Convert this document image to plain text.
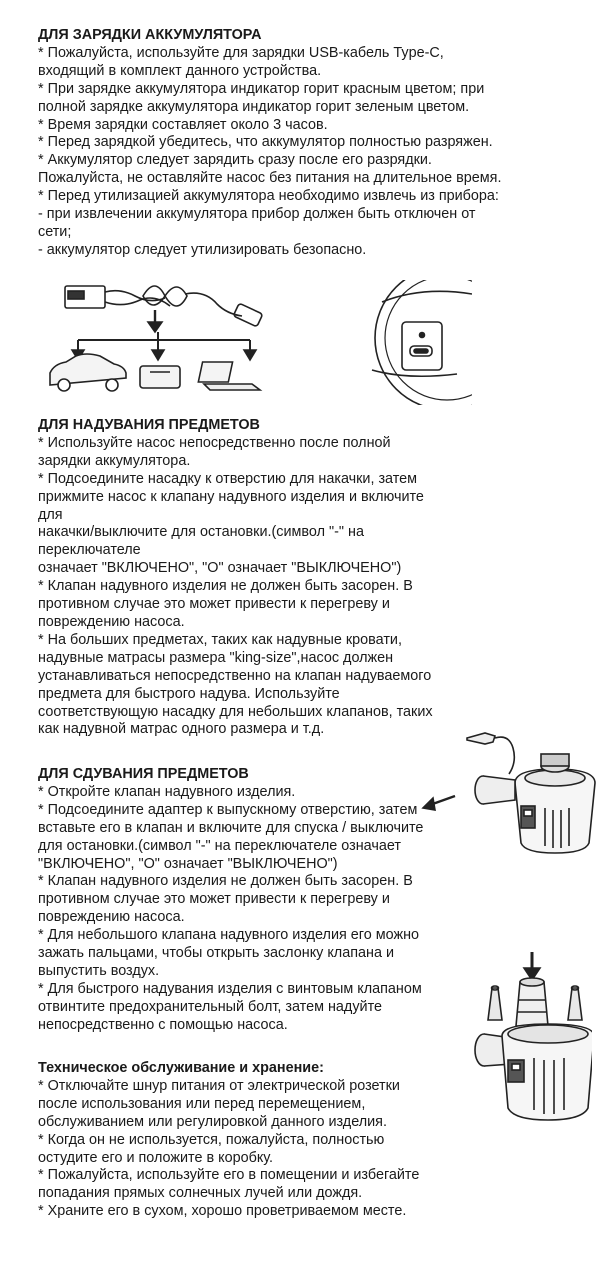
ДЛЯ ЗАРЯДКИ АККУМУЛЯТОРА

* Пожалуйста, используйте для зарядки USB-кабель Type-C,

входящий в комплект данного устройства.

* При зарядке аккумулятора индикатор горит красным цветом; при

полной зарядке аккумулятора индикатор горит зеленым цветом.

* Время зарядки составляет около 3 часов.

* Перед зарядкой убедитесь, что аккумулятор полностью разряжен.

* Аккумулятор следует зарядить сразу после его разрядки.

Пожалуйста, не оставляйте насос без питания на длительное время.

* Перед утилизацией аккумулятора необходимо извлечь из прибора:

- при извлечении аккумулятора прибор должен быть отключен от

сети;

- аккумулятор следует утилизировать безопасно.

ДЛЯ НАДУВАНИЯ ПРЕДМЕТОВ

* Используйте насос непосредственно после полной

зарядки аккумулятора.

* Подсоедините насадку к отверстию для накачки, затем

прижмите насос к клапану надувного изделия и включите

для

накачки/выключите для остановки.(символ "-" на

переключателе

означает "ВКЛЮЧЕНО", "O" означает "ВЫКЛЮЧЕНО")

* Клапан надувного изделия не должен быть засорен. В

противном случае это может привести к перегреву и

повреждению насоса.

* На больших предметах, таких как надувные кровати,

надувные матрасы размера "king-size",насос должен

устанавливаться непосредственно на клапан надуваемого

предмета для быстрого надува. Используйте

соответствующую насадку для небольших клапанов, таких

как надувной матрас одного размера и т.д.

ДЛЯ СДУВАНИЯ ПРЕДМЕТОВ

* Откройте клапан надувного изделия.

* Подсоедините адаптер к выпускному отверстию, затем

вставьте его в клапан и включите для спуска / выключите

для остановки.(символ "-" на переключателе означает

"ВКЛЮЧЕНО", "O" означает "ВЫКЛЮЧЕНО")

* Клапан надувного изделия не должен быть засорен. В

противном случае это может привести к перегреву и

повреждению насоса.

* Для небольшого клапана надувного изделия его можно

зажать пальцами, чтобы открыть заслонку клапана и

выпустить воздух.

* Для быстрого надувания изделия с винтовым клапаном

отвинтите предохранительный болт, затем надуйте

непосредственно с помощью насоса.

Техническое обслуживание и хранение:

* Отключайте шнур питания от электрической розетки

после использования или перед перемещением,

обслуживанием или регулировкой данного изделия.

* Когда он не используется, пожалуйста, полностью

остудите его и положите в коробку.

* Пожалуйста, используйте его в помещении и избегайте

попадания прямых солнечных лучей или дождя.

* Храните его в сухом, хорошо проветриваемом месте.
